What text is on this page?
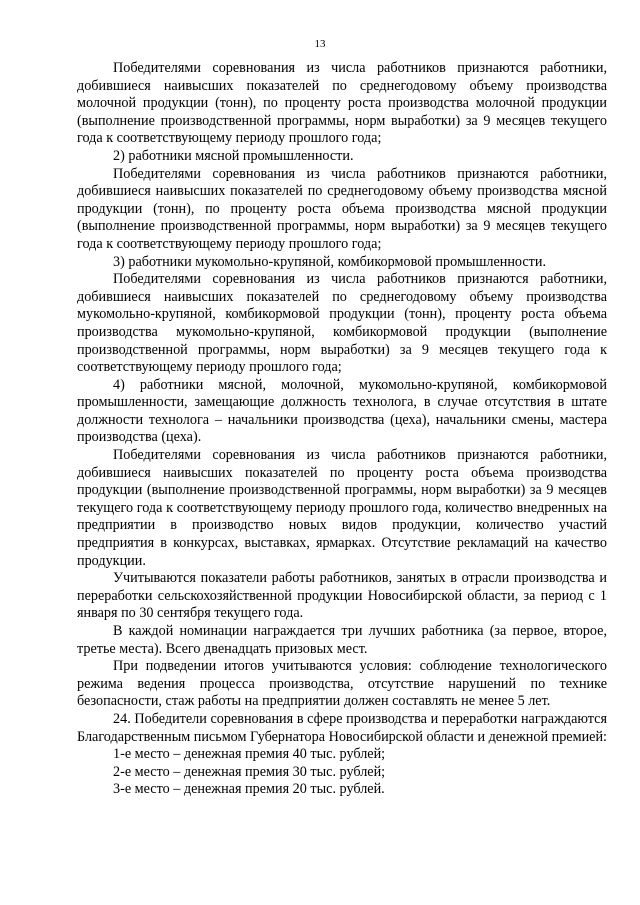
13

Победителями соревнования из числа работников признаются работники, добившиеся наивысших показателей по среднегодовому объему производства молочной продукции (тонн), по проценту роста производства молочной продукции (выполнение производственной программы, норм выработки) за 9 месяцев текущего года к соответствующему периоду прошлого года;

2) работники мясной промышленности.

Победителями соревнования из числа работников признаются работники, добившиеся наивысших показателей по среднегодовому объему производства мясной продукции (тонн), по проценту роста объема производства мясной продукции (выполнение производственной программы, норм выработки) за 9 месяцев текущего года к соответствующему периоду прошлого года;

3) работники мукомольно-крупяной, комбикормовой промышленности.

Победителями соревнования из числа работников признаются работники, добившиеся наивысших показателей по среднегодовому объему производства мукомольно-крупяной, комбикормовой продукции (тонн), проценту роста объема производства мукомольно-крупяной, комбикормовой продукции (выполнение производственной программы, норм выработки) за 9 месяцев текущего года к соответствующему периоду прошлого года;

4) работники мясной, молочной, мукомольно-крупяной, комбикормовой промышленности, замещающие должность технолога, в случае отсутствия в штате должности технолога – начальники производства (цеха), начальники смены, мастера производства (цеха).

Победителями соревнования из числа работников признаются работники, добившиеся наивысших показателей по проценту роста объема производства продукции (выполнение производственной программы, норм выработки) за 9 месяцев текущего года к соответствующему периоду прошлого года, количество внедренных на предприятии в производство новых видов продукции, количество участий предприятия в конкурсах, выставках, ярмарках. Отсутствие рекламаций на качество продукции.

Учитываются показатели работы работников, занятых в отрасли производства и переработки сельскохозяйственной продукции Новосибирской области, за период с 1 января по 30 сентября текущего года.

В каждой номинации награждается три лучших работника (за первое, второе, третье места). Всего двенадцать призовых мест.

При подведении итогов учитываются условия: соблюдение технологического режима ведения процесса производства, отсутствие нарушений по технике безопасности, стаж работы на предприятии должен составлять не менее 5 лет.

24. Победители соревнования в сфере производства и переработки награждаются Благодарственным письмом Губернатора Новосибирской области и денежной премией:

1-е место – денежная премия 40 тыс. рублей;

2-е место – денежная премия 30 тыс. рублей;

3-е место – денежная премия 20 тыс. рублей.
